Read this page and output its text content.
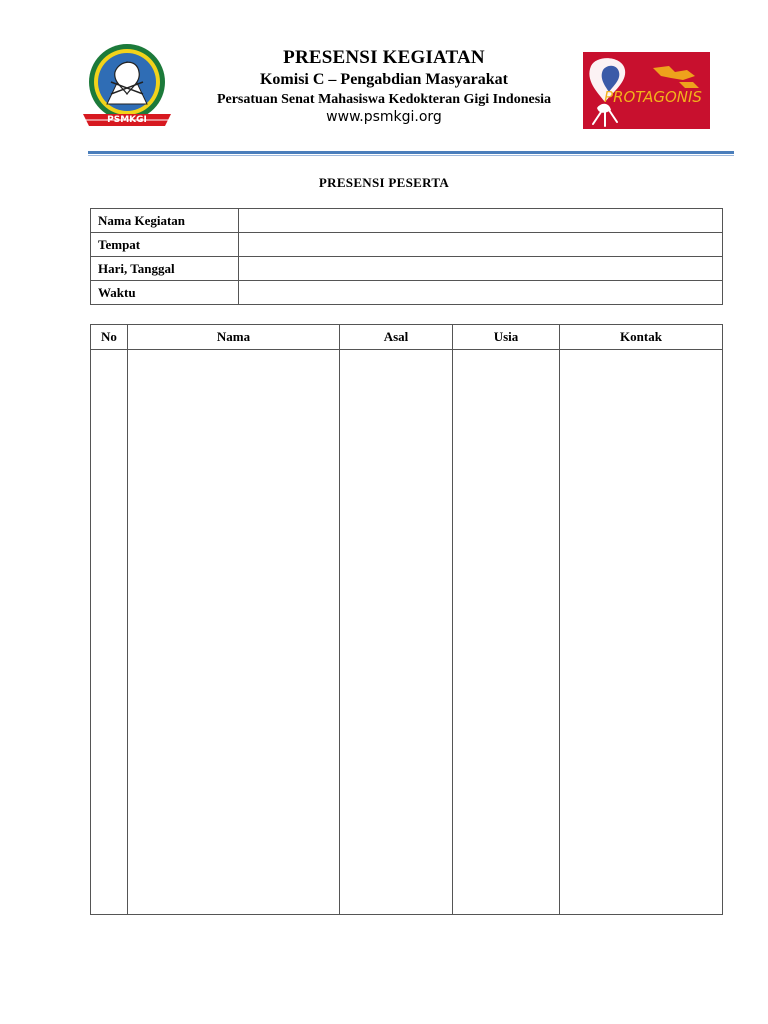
PSMKGI
PRESENSI KEGIATAN
Komisi C – Pengabdian Masyarakat
Persatuan Senat Mahasiswa Kedokteran Gigi Indonesia
www.psmkgi.org
PROTAGONIS
PRESENSI PESERTA
Nama Kegiatan	
Tempat	
Hari, Tanggal	
Waktu	
No	Nama	Asal	Usia	Kontak
